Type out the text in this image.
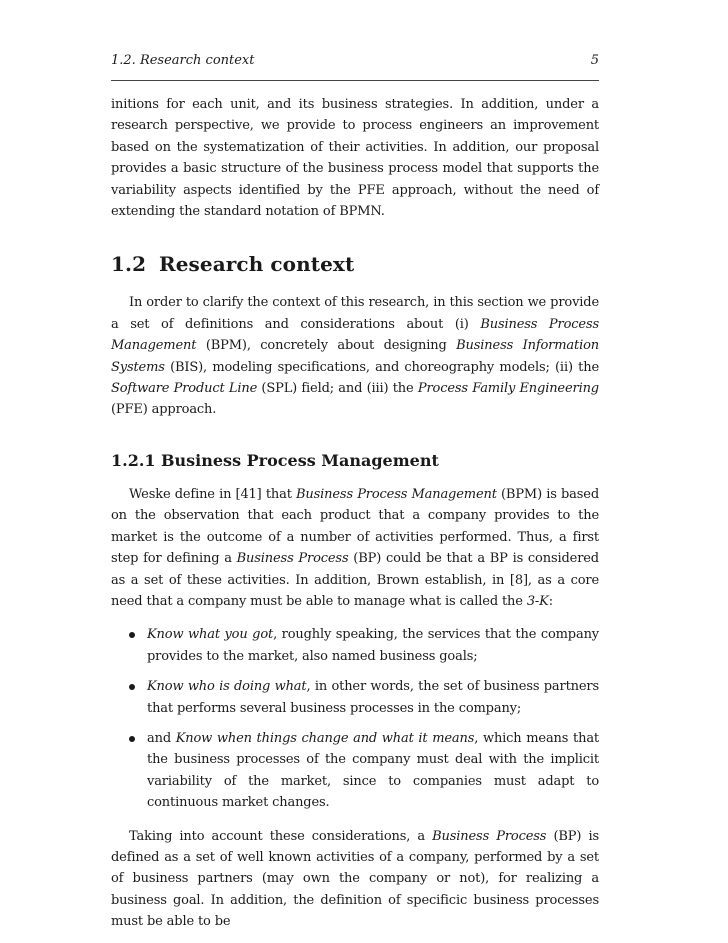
1.2. Research context	5

initions for each unit, and its business strategies. In addition, under a research perspective, we provide to process engineers an improvement based on the systematization of their activities. In addition, our proposal provides a basic structure of the business process model that supports the variability aspects identified by the PFE approach, without the need of extending the standard notation of BPMN.

1.2 Research context

In order to clarify the context of this research, in this section we provide a set of definitions and considerations about (i) Business Process Management (BPM), concretely about designing Business Information Systems (BIS), modeling specifications, and choreography models; (ii) the Software Product Line (SPL) field; and (iii) the Process Family Engineering (PFE) approach.

1.2.1 Business Process Management

Weske define in [41] that Business Process Management (BPM) is based on the observation that each product that a company provides to the market is the outcome of a number of activities performed. Thus, a first step for defining a Business Process (BP) could be that a BP is considered as a set of these activities. In addition, Brown establish, in [8], as a core need that a company must be able to manage what is called the 3-K:

Know what you got, roughly speaking, the services that the company provides to the market, also named business goals;
Know who is doing what, in other words, the set of business partners that performs several business processes in the company;
and Know when things change and what it means, which means that the business processes of the company must deal with the implicit variability of the market, since to companies must adapt to continuous market changes.

Taking into account these considerations, a Business Process (BP) is defined as a set of well known activities of a company, performed by a set of business partners (may own the company or not), for realizing a business goal. In addition, the definition of specificic business processes must be able to be
